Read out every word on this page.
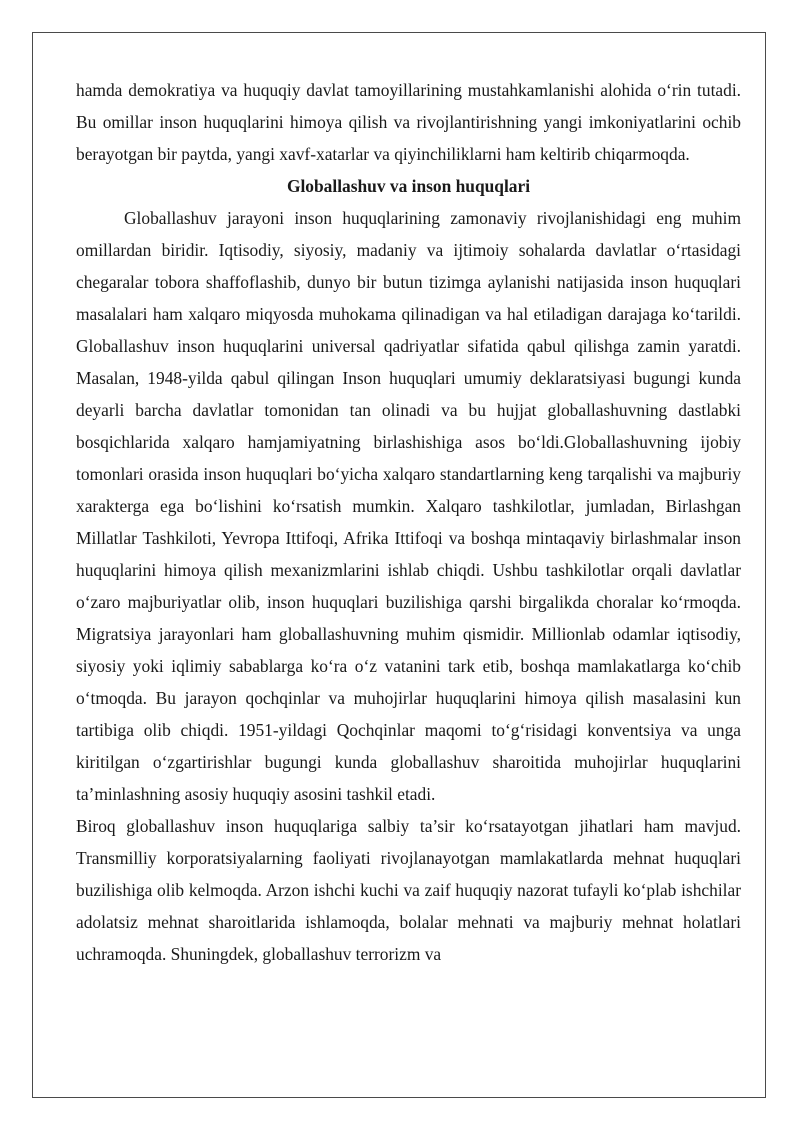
hamda demokratiya va huquqiy davlat tamoyillarining mustahkamlanishi alohida o‘rin tutadi. Bu omillar inson huquqlarini himoya qilish va rivojlantirishning yangi imkoniyatlarini ochib berayotgan bir paytda, yangi xavf-xatarlar va qiyinchiliklarni ham keltirib chiqarmoqda.

Globallashuv va inson huquqlari

Globallashuv jarayoni inson huquqlarining zamonaviy rivojlanishidagi eng muhim omillardan biridir. Iqtisodiy, siyosiy, madaniy va ijtimoiy sohalarda davlatlar o‘rtasidagi chegaralar tobora shaffoflashib, dunyo bir butun tizimga aylanishi natijasida inson huquqlari masalalari ham xalqaro miqyosda muhokama qilinadigan va hal etiladigan darajaga ko‘tarildi. Globallashuv inson huquqlarini universal qadriyatlar sifatida qabul qilishga zamin yaratdi. Masalan, 1948-yilda qabul qilingan Inson huquqlari umumiy deklaratsiyasi bugungi kunda deyarli barcha davlatlar tomonidan tan olinadi va bu hujjat globallashuvning dastlabki bosqichlarida xalqaro hamjamiyatning birlashishiga asos bo‘ldi.Globallashuvning ijobiy tomonlari orasida inson huquqlari bo‘yicha xalqaro standartlarning keng tarqalishi va majburiy xarakterga ega bo‘lishini ko‘rsatish mumkin. Xalqaro tashkilotlar, jumladan, Birlashgan Millatlar Tashkiloti, Yevropa Ittifoqi, Afrika Ittifoqi va boshqa mintaqaviy birlashmalar inson huquqlarini himoya qilish mexanizmlarini ishlab chiqdi. Ushbu tashkilotlar orqali davlatlar o‘zaro majburiyatlar olib, inson huquqlari buzilishiga qarshi birgalikda choralar ko‘rmoqda. Migratsiya jarayonlari ham globallashuvning muhim qismidir. Millionlab odamlar iqtisodiy, siyosiy yoki iqlimiy sabablarga ko‘ra o‘z vatanini tark etib, boshqa mamlakatlarga ko‘chib o‘tmoqda. Bu jarayon qochqinlar va muhojirlar huquqlarini himoya qilish masalasini kun tartibiga olib chiqdi. 1951-yildagi Qochqinlar maqomi to‘g‘risidagi konventsiya va unga kiritilgan o‘zgartirishlar bugungi kunda globallashuv sharoitida muhojirlar huquqlarini ta’minlashning asosiy huquqiy asosini tashkil etadi.

Biroq globallashuv inson huquqlariga salbiy ta’sir ko‘rsatayotgan jihatlari ham mavjud. Transmilliy korporatsiyalarning faoliyati rivojlanayotgan mamlakatlarda mehnat huquqlari buzilishiga olib kelmoqda. Arzon ishchi kuchi va zaif huquqiy nazorat tufayli ko‘plab ishchilar adolatsiz mehnat sharoitlarida ishlamoqda, bolalar mehnati va majburiy mehnat holatlari uchramoqda. Shuningdek, globallashuv terrorizm va
